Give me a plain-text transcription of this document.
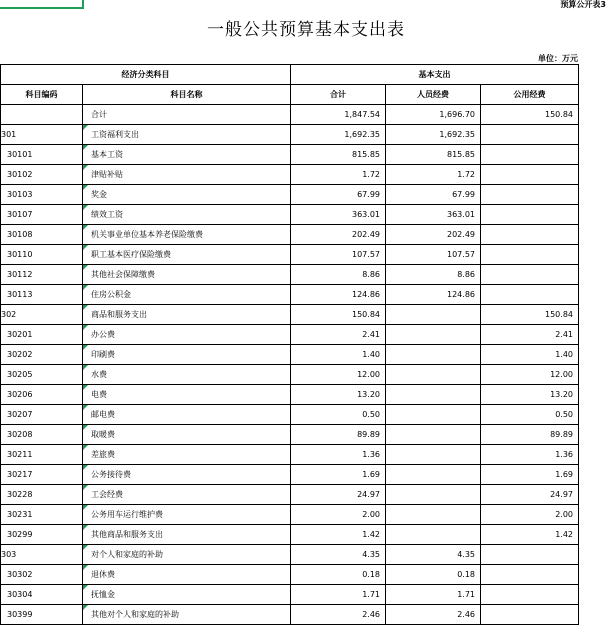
预算公开表3
一般公共预算基本支出表
单位：万元
经济分类科目		基本支出		
科目编码	科目名称	合计	人员经费	公用经费
	合计	1,847.54	1,696.70	150.84
301	工资福利支出	1,692.35	1,692.35	
30101	基本工资	815.85	815.85	
30102	津贴补贴	1.72	1.72	
30103	奖金	67.99	67.99	
30107	绩效工资	363.01	363.01	
30108	机关事业单位基本养老保险缴费	202.49	202.49	
30110	职工基本医疗保险缴费	107.57	107.57	
30112	其他社会保障缴费	8.86	8.86	
30113	住房公积金	124.86	124.86	
302	商品和服务支出	150.84		150.84
30201	办公费	2.41		2.41
30202	印刷费	1.40		1.40
30205	水费	12.00		12.00
30206	电费	13.20		13.20
30207	邮电费	0.50		0.50
30208	取暖费	89.89		89.89
30211	差旅费	1.36		1.36
30217	公务接待费	1.69		1.69
30228	工会经费	24.97		24.97
30231	公务用车运行维护费	2.00		2.00
30299	其他商品和服务支出	1.42		1.42
303	对个人和家庭的补助	4.35	4.35	
30302	退休费	0.18	0.18	
30304	抚恤金	1.71	1.71	
30399	其他对个人和家庭的补助	2.46	2.46	
